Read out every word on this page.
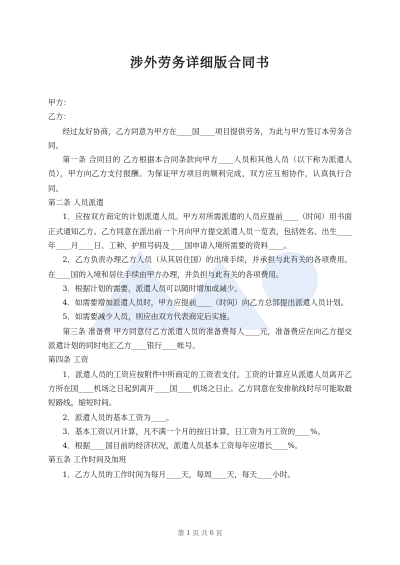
涉外劳务详细版合同书

甲方：

乙方：

经过友好协商，乙方同意为甲方在____国____项目提供劳务，为此与甲方签订本劳务合同。

第一条 合同目的 乙方根据本合同条款向甲方____人员和其他人员（以下称为派遣人员），甲方向乙方支付报酬。为保证甲方项目的顺利完成，双方应互相协作，认真执行合同。

第二条 人员派遣

1．应按双方商定的计划派遣人员。甲方对所需派遣的人员应提前____（时间）用书面正式通知乙方。乙方同意在派出前一个月向甲方提交派遣人员一览表，包括姓名、出生____年____月____日、工种、护照号码及____国申请入境所需要的资料____。

2．乙方负责办理乙方人员（从其居住国）的出境手续，并承担与此有关的各项费用。在____国的入境和居住手续由甲方办理，并负担与此有关的各项费用。

3．根据计划的需要，派遣人员可以随时增加或减少。

4．如需要增加派遣人员时，甲方应提前____（时间）向乙方总部提出派遣人员计划。

5．如需要减少人员，则应由双方代表商定后实施。

第三条 准备费 甲方同意付乙方派遣人员的准备费每人____元，准备费应在向乙方提交派遣计划的同时电汇乙方____银行____帐号。

第四条 工资

1．派遣人员的工资应按附件中所商定的工资表支付。工资的计算应从派遣人员离开乙方所在国____机场之日起到离开____国____机场之日止。乙方同意在安排航线时尽可能取最短路线，缩短时间。

2．派遣人员的基本工资为____。

3．基本工资以月计算，凡不满一个月的按日计算，日工资为月工资的____%。

4．根据____国目前的经济状况，派遣人员基本工资每年应增长____%。

第五条 工作时间及加班

1．乙方人员的工作时间为每月____天，每周____天，每天____小时。

第 1 页 共 6 页
